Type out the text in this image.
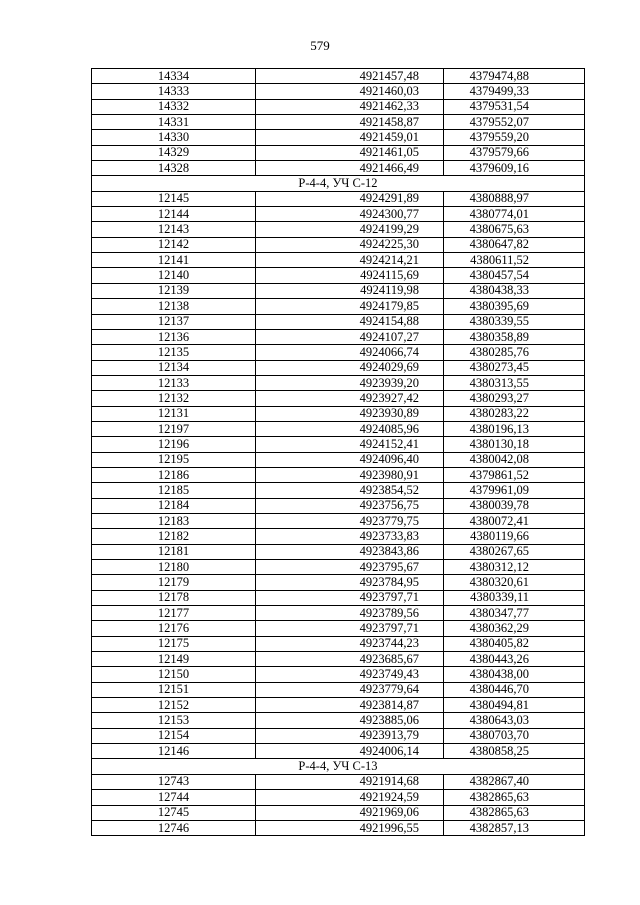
579
14334	4921457,48	4379474,88
14333	4921460,03	4379499,33
14332	4921462,33	4379531,54
14331	4921458,87	4379552,07
14330	4921459,01	4379559,20
14329	4921461,05	4379579,66
14328	4921466,49	4379609,16
Р-4-4, УЧ С-12		
12145	4924291,89	4380888,97
12144	4924300,77	4380774,01
12143	4924199,29	4380675,63
12142	4924225,30	4380647,82
12141	4924214,21	4380611,52
12140	4924115,69	4380457,54
12139	4924119,98	4380438,33
12138	4924179,85	4380395,69
12137	4924154,88	4380339,55
12136	4924107,27	4380358,89
12135	4924066,74	4380285,76
12134	4924029,69	4380273,45
12133	4923939,20	4380313,55
12132	4923927,42	4380293,27
12131	4923930,89	4380283,22
12197	4924085,96	4380196,13
12196	4924152,41	4380130,18
12195	4924096,40	4380042,08
12186	4923980,91	4379861,52
12185	4923854,52	4379961,09
12184	4923756,75	4380039,78
12183	4923779,75	4380072,41
12182	4923733,83	4380119,66
12181	4923843,86	4380267,65
12180	4923795,67	4380312,12
12179	4923784,95	4380320,61
12178	4923797,71	4380339,11
12177	4923789,56	4380347,77
12176	4923797,71	4380362,29
12175	4923744,23	4380405,82
12149	4923685,67	4380443,26
12150	4923749,43	4380438,00
12151	4923779,64	4380446,70
12152	4923814,87	4380494,81
12153	4923885,06	4380643,03
12154	4923913,79	4380703,70
12146	4924006,14	4380858,25
Р-4-4, УЧ С-13		
12743	4921914,68	4382867,40
12744	4921924,59	4382865,63
12745	4921969,06	4382865,63
12746	4921996,55	4382857,13
